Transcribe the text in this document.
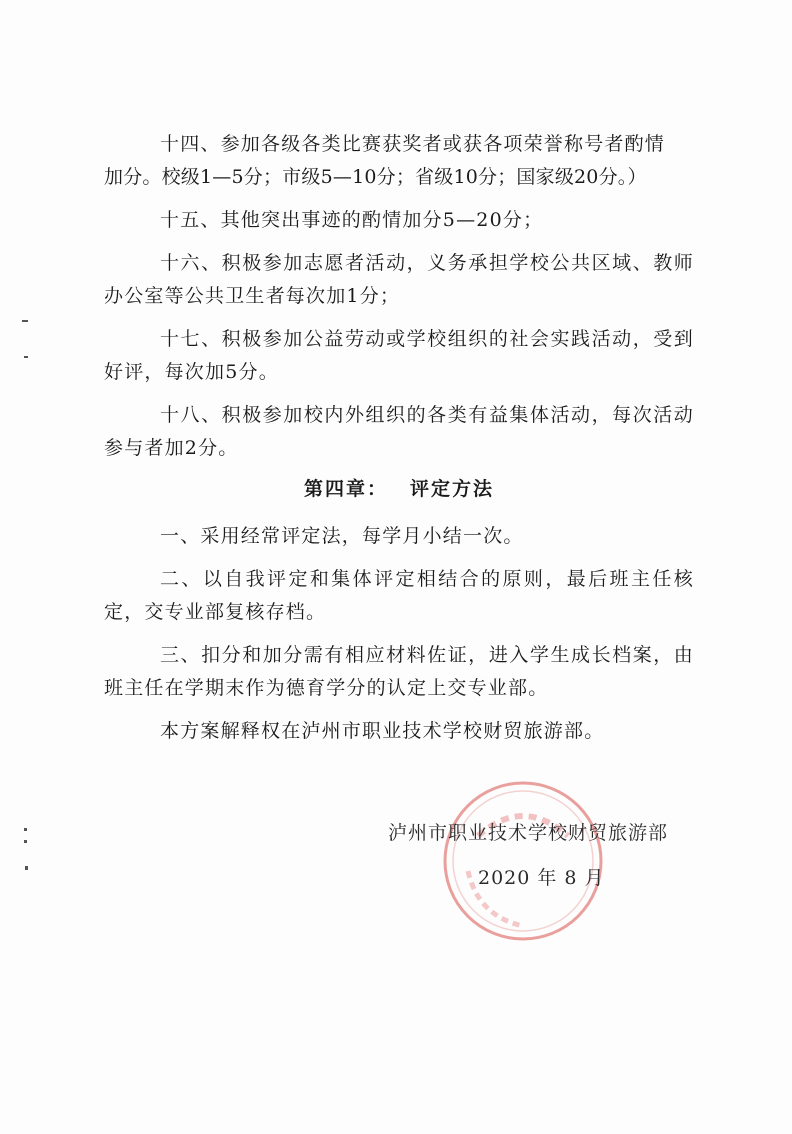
十四、参加各级各类比赛获奖者或获各项荣誉称号者酌情

加分。校级1—5分；市级5—10分；省级10分；国家级20分。）

十五、其他突出事迹的酌情加分5—20分；

十六、积极参加志愿者活动，义务承担学校公共区域、教师办公室等公共卫生者每次加1分；

十七、积极参加公益劳动或学校组织的社会实践活动，受到好评，每次加5分。

十八、积极参加校内外组织的各类有益集体活动，每次活动参与者加2分。

第四章： 评定方法

一、采用经常评定法，每学月小结一次。

二、以自我评定和集体评定相结合的原则，最后班主任核定，交专业部复核存档。

三、扣分和加分需有相应材料佐证，进入学生成长档案，由班主任在学期末作为德育学分的认定上交专业部。

本方案解释权在泸州市职业技术学校财贸旅游部。

泸州市职业技术学校财贸旅游部
2020 年 8 月
